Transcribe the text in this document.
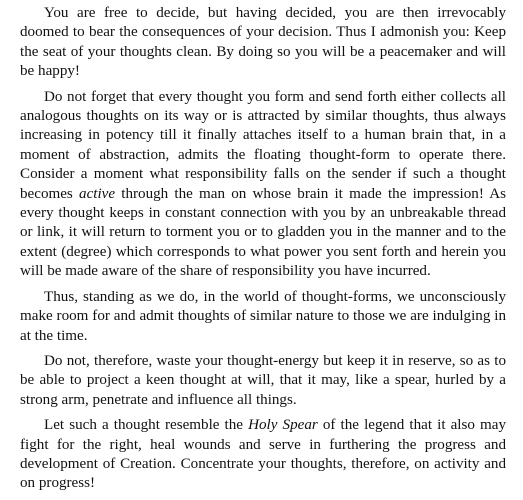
You are free to decide, but having decided, you are then irrevocably doomed to bear the consequences of your decision. Thus I admonish you: Keep the seat of your thoughts clean. By doing so you will be a peacemaker and will be happy!

Do not forget that every thought you form and send forth either collects all analogous thoughts on its way or is attracted by similar thoughts, thus always increasing in potency till it finally attaches itself to a human brain that, in a moment of abstraction, admits the floating thought-form to operate there. Consider a moment what responsibility falls on the sender if such a thought becomes active through the man on whose brain it made the impression! As every thought keeps in constant connection with you by an unbreakable thread or link, it will return to torment you or to gladden you in the manner and to the extent (degree) which corresponds to what power you sent forth and herein you will be made aware of the share of responsibility you have incurred.

Thus, standing as we do, in the world of thought-forms, we unconsciously make room for and admit thoughts of similar nature to those we are indulging in at the time.

Do not, therefore, waste your thought-energy but keep it in reserve, so as to be able to project a keen thought at will, that it may, like a spear, hurled by a strong arm, penetrate and influence all things.

Let such a thought resemble the Holy Spear of the legend that it also may fight for the right, heal wounds and serve in furthering the progress and development of Creation. Concentrate your thoughts, therefore, on activity and on progress!
